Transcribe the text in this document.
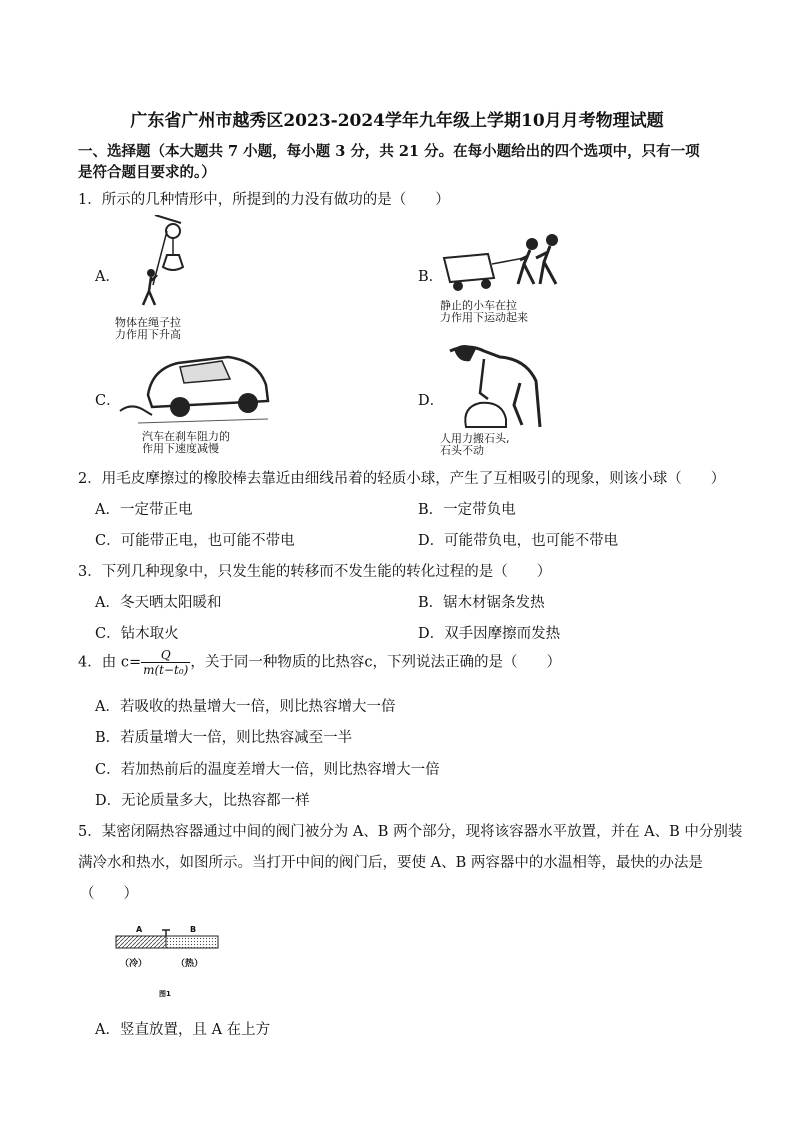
广东省广州市越秀区2023-2024学年九年级上学期10月月考物理试题
一、选择题（本大题共 7 小题，每小题 3 分，共 21 分。在每小题给出的四个选项中，只有一项
是符合题目要求的。）
1．所示的几种情形中，所提到的力没有做功的是（　　）
A．
物体在绳子拉
力作用下升高
B．
静止的小车在拉
力作用下运动起来
C．
汽车在刹车阻力的
作用下速度减慢
D．
人用力搬石头,
石头不动
2．用毛皮摩擦过的橡胶棒去靠近由细线吊着的轻质小球，产生了互相吸引的现象，则该小球（　　）
A．一定带正电	B．一定带负电
C．可能带正电，也可能不带电	D．可能带负电，也可能不带电
3．下列几种现象中，只发生能的转移而不发生能的转化过程的是（　　）
A．冬天晒太阳暖和	B．锯木材锯条发热
C．钻木取火	D．双手因摩擦而发热
4．由 $c= \frac{Q}{\text{m(t−t₀)}}$ ，关于同一种物质的比热容c，下列说法正确的是（　　）
A．若吸收的热量增大一倍，则比热容增大一倍
B．若质量增大一倍，则比热容减至一半
C．若加热前后的温度差增大一倍，则比热容增大一倍
D．无论质量多大，比热容都一样
5．某密闭隔热容器通过中间的阀门被分为 A、B 两个部分，现将该容器水平放置，并在 A、B 中分别装
满冷水和热水，如图所示。当打开中间的阀门后，要使 A、B 两容器中的水温相等，最快的办法是
（　　）
A	B
（冷）	（热）
图1
A．竖直放置，且 A 在上方
